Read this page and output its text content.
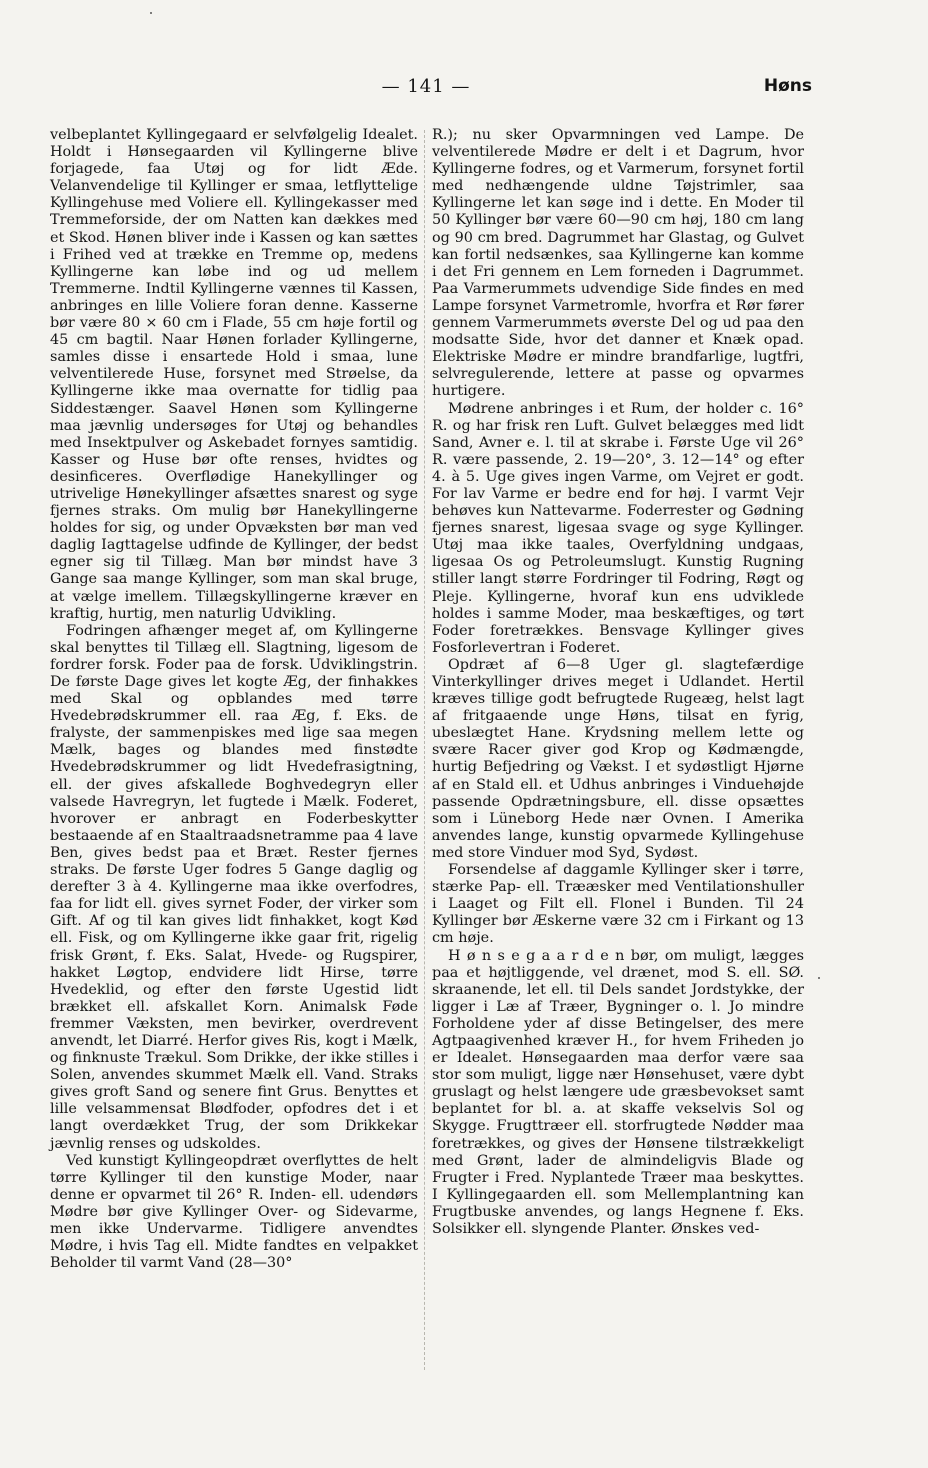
— 141 —	Høns

velbeplantet Kyllingegaard er selvfølgelig Idealet. Holdt i Hønsegaarden vil Kyllingerne blive forjagede, faa Utøj og for lidt Æde. Velanvendelige til Kyllinger er smaa, letflyttelige Kyllingehuse med Voliere ell. Kyllingekasser med Tremmeforside, der om Natten kan dækkes med et Skod. Hønen bliver inde i Kassen og kan sættes i Frihed ved at trække en Tremme op, medens Kyllingerne kan løbe ind og ud mellem Tremmerne. Indtil Kyllingerne vænnes til Kassen, anbringes en lille Voliere foran denne. Kasserne bør være 80 × 60 cm i Flade, 55 cm høje fortil og 45 cm bagtil. Naar Hønen forlader Kyllingerne, samles disse i ensartede Hold i smaa, lune velventilerede Huse, forsynet med Strøelse, da Kyllingerne ikke maa overnatte for tidlig paa Siddestænger. Saavel Hønen som Kyllingerne maa jævnlig undersøges for Utøj og behandles med Insektpulver og Askebadet fornyes samtidig. Kasser og Huse bør ofte renses, hvidtes og desinficeres. Overflødige Hanekyllinger og utrivelige Hønekyllinger afsættes snarest og syge fjernes straks. Om mulig bør Hanekyllingerne holdes for sig, og under Opvæksten bør man ved daglig Iagttagelse udfinde de Kyllinger, der bedst egner sig til Tillæg. Man bør mindst have 3 Gange saa mange Kyllinger, som man skal bruge, at vælge imellem. Tillægskyllingerne kræver en kraftig, hurtig, men naturlig Udvikling.

Fodringen afhænger meget af, om Kyllingerne skal benyttes til Tillæg ell. Slagtning, ligesom de fordrer forsk. Foder paa de forsk. Udviklingstrin. De første Dage gives let kogte Æg, der finhakkes med Skal og opblandes med tørre Hvedebrødskrummer ell. raa Æg, f. Eks. de fralyste, der sammenpiskes med lige saa megen Mælk, bages og blandes med finstødte Hvedebrødskrummer og lidt Hvedefrasigtning, ell. der gives afskallede Boghvedegryn eller valsede Havregryn, let fugtede i Mælk. Foderet, hvorover er anbragt en Foderbeskytter bestaaende af en Staaltraadsnetramme paa 4 lave Ben, gives bedst paa et Bræt. Rester fjernes straks. De første Uger fodres 5 Gange daglig og derefter 3 à 4. Kyllingerne maa ikke overfodres, faa for lidt ell. gives syrnet Foder, der virker som Gift. Af og til kan gives lidt finhakket, kogt Kød ell. Fisk, og om Kyllingerne ikke gaar frit, rigelig frisk Grønt, f. Eks. Salat, Hvede- og Rugspirer, hakket Løgtop, endvidere lidt Hirse, tørre Hvedeklid, og efter den første Ugestid lidt brækket ell. afskallet Korn. Animalsk Føde fremmer Væksten, men bevirker, overdrevent anvendt, let Diarré. Herfor gives Ris, kogt i Mælk, og finknuste Trækul. Som Drikke, der ikke stilles i Solen, anvendes skummet Mælk ell. Vand. Straks gives groft Sand og senere fint Grus. Benyttes et lille velsammensat Blødfoder, opfodres det i et langt overdækket Trug, der som Drikkekar jævnlig renses og udskoldes.

Ved kunstigt Kyllingeopdræt overflyttes de helt tørre Kyllinger til den kunstige Moder, naar denne er opvarmet til 26° R. Inden- ell. udendørs Mødre bør give Kyllinger Over- og Sidevarme, men ikke Undervarme. Tidligere anvendtes Mødre, i hvis Tag ell. Midte fandtes en velpakket Beholder til varmt Vand (28—30°

R.); nu sker Opvarmningen ved Lampe. De velventilerede Mødre er delt i et Dagrum, hvor Kyllingerne fodres, og et Varmerum, forsynet fortil med nedhængende uldne Tøjstrimler, saa Kyllingerne let kan søge ind i dette. En Moder til 50 Kyllinger bør være 60—90 cm høj, 180 cm lang og 90 cm bred. Dagrummet har Glastag, og Gulvet kan fortil nedsænkes, saa Kyllingerne kan komme i det Fri gennem en Lem forneden i Dagrummet. Paa Varmerummets udvendige Side findes en med Lampe forsynet Varmetromle, hvorfra et Rør fører gennem Varmerummets øverste Del og ud paa den modsatte Side, hvor det danner et Knæk opad. Elektriske Mødre er mindre brandfarlige, lugtfri, selvregulerende, lettere at passe og opvarmes hurtigere.

Mødrene anbringes i et Rum, der holder c. 16° R. og har frisk ren Luft. Gulvet belægges med lidt Sand, Avner e. l. til at skrabe i. Første Uge vil 26° R. være passende, 2. 19—20°, 3. 12—14° og efter 4. à 5. Uge gives ingen Varme, om Vejret er godt. For lav Varme er bedre end for høj. I varmt Vejr behøves kun Nattevarme. Foderrester og Gødning fjernes snarest, ligesaa svage og syge Kyllinger. Utøj maa ikke taales, Overfyldning undgaas, ligesaa Os og Petroleumslugt. Kunstig Rugning stiller langt større Fordringer til Fodring, Røgt og Pleje. Kyllingerne, hvoraf kun ens udviklede holdes i samme Moder, maa beskæftiges, og tørt Foder foretrækkes. Bensvage Kyllinger gives Fosforlevertran i Foderet.

Opdræt af 6—8 Uger gl. slagtefærdige Vinterkyllinger drives meget i Udlandet. Hertil kræves tillige godt befrugtede Rugeæg, helst lagt af fritgaaende unge Høns, tilsat en fyrig, ubeslægtet Hane. Krydsning mellem lette og svære Racer giver god Krop og Kødmængde, hurtig Befjedring og Vækst. I et sydøstligt Hjørne af en Stald ell. et Udhus anbringes i Vinduehøjde passende Opdrætningsbure, ell. disse opsættes som i Lüneborg Hede nær Ovnen. I Amerika anvendes lange, kunstig opvarmede Kyllingehuse med store Vinduer mod Syd, Sydøst.

Forsendelse af daggamle Kyllinger sker i tørre, stærke Pap- ell. Trææsker med Ventilationshuller i Laaget og Filt ell. Flonel i Bunden. Til 24 Kyllinger bør Æskerne være 32 cm i Firkant og 13 cm høje.

H ø n s e g a a r d e n bør, om muligt, lægges paa et højtliggende, vel drænet, mod S. ell. SØ. skraanende, let ell. til Dels sandet Jordstykke, der ligger i Læ af Træer, Bygninger o. l. Jo mindre Forholdene yder af disse Betingelser, des mere Agtpaagivenhed kræver H., for hvem Friheden jo er Idealet. Hønsegaarden maa derfor være saa stor som muligt, ligge nær Hønsehuset, være dybt gruslagt og helst længere ude græsbevokset samt beplantet for bl. a. at skaffe vekselvis Sol og Skygge. Frugttræer ell. storfrugtede Nødder maa foretrækkes, og gives der Hønsene tilstrækkeligt med Grønt, lader de almindeligvis Blade og Frugter i Fred. Nyplantede Træer maa beskyttes. I Kyllingegaarden ell. som Mellemplantning kan Frugtbuske anvendes, og langs Hegnene f. Eks. Solsikker ell. slyngende Planter. Ønskes ved-
